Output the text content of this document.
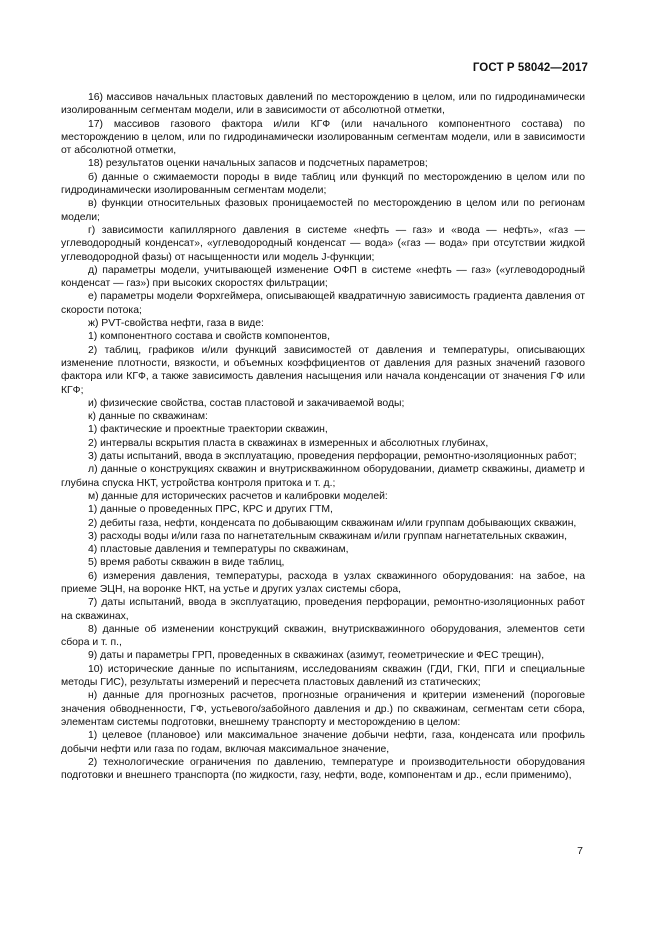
ГОСТ Р 58042—2017

16) массивов начальных пластовых давлений по месторождению в целом, или по гидродинамически изолированным сегментам модели, или в зависимости от абсолютной отметки,

17) массивов газового фактора и/или КГФ (или начального компонентного состава) по месторождению в целом, или по гидродинамически изолированным сегментам модели, или в зависимости от абсолютной отметки,

18) результатов оценки начальных запасов и подсчетных параметров;

б) данные о сжимаемости породы в виде таблиц или функций по месторождению в целом или по гидродинамически изолированным сегментам модели;

в) функции относительных фазовых проницаемостей по месторождению в целом или по регионам модели;

г) зависимости капиллярного давления в системе «нефть — газ» и «вода — нефть», «газ — углеводородный конденсат», «углеводородный конденсат — вода» («газ — вода» при отсутствии жидкой углеводородной фазы) от насыщенности или модель J-функции;

д) параметры модели, учитывающей изменение ОФП в системе «нефть — газ» («углеводородный конденсат — газ») при высоких скоростях фильтрации;

е) параметры модели Форхгеймера, описывающей квадратичную зависимость градиента давления от скорости потока;

ж) PVT-свойства нефти, газа в виде:

1) компонентного состава и свойств компонентов,

2) таблиц, графиков и/или функций зависимостей от давления и температуры, описывающих изменение плотности, вязкости, и объемных коэффициентов от давления для разных значений газового фактора или КГФ, а также зависимость давления насыщения или начала конденсации от значения ГФ или КГФ;

и) физические свойства, состав пластовой и закачиваемой воды;

к) данные по скважинам:

1) фактические и проектные траектории скважин,

2) интервалы вскрытия пласта в скважинах в измеренных и абсолютных глубинах,

3) даты испытаний, ввода в эксплуатацию, проведения перфорации, ремонтно-изоляционных работ;

л) данные о конструкциях скважин и внутрискважинном оборудовании, диаметр скважины, диаметр и глубина спуска НКТ, устройства контроля притока и т. д.;

м) данные для исторических расчетов и калибровки моделей:

1) данные о проведенных ПРС, КРС и других ГТМ,

2) дебиты газа, нефти, конденсата по добывающим скважинам и/или группам добывающих скважин,

3) расходы воды и/или газа по нагнетательным скважинам и/или группам нагнетательных скважин,

4) пластовые давления и температуры по скважинам,

5) время работы скважин в виде таблиц,

6) измерения давления, температуры, расхода в узлах скважинного оборудования: на забое, на приеме ЭЦН, на воронке НКТ, на устье и других узлах системы сбора,

7) даты испытаний, ввода в эксплуатацию, проведения перфорации, ремонтно-изоляционных работ на скважинах,

8) данные об изменении конструкций скважин, внутрискважинного оборудования, элементов сети сбора и т. п.,

9) даты и параметры ГРП, проведенных в скважинах (азимут, геометрические и ФЕС трещин),

10) исторические данные по испытаниям, исследованиям скважин (ГДИ, ГКИ, ПГИ и специальные методы ГИС), результаты измерений и пересчета пластовых давлений из статических;

н) данные для прогнозных расчетов, прогнозные ограничения и критерии изменений (пороговые значения обводненности, ГФ, устьевого/забойного давления и др.) по скважинам, сегментам сети сбора, элементам системы подготовки, внешнему транспорту и месторождению в целом:

1) целевое (плановое) или максимальное значение добычи нефти, газа, конденсата или профиль добычи нефти или газа по годам, включая максимальное значение,

2) технологические ограничения по давлению, температуре и производительности оборудования подготовки и внешнего транспорта (по жидкости, газу, нефти, воде, компонентам и др., если применимо),

7
